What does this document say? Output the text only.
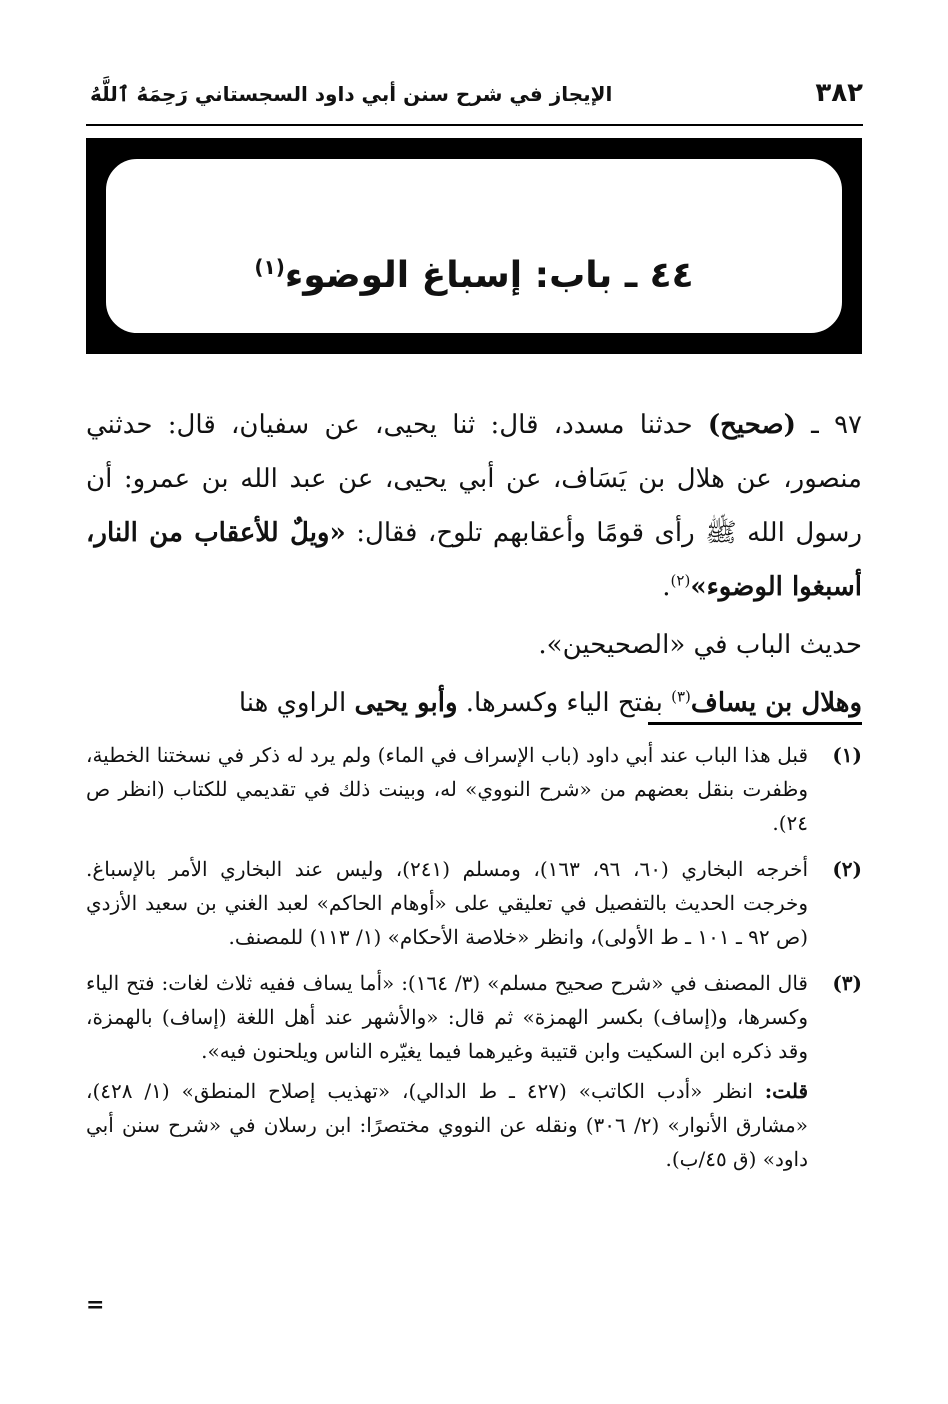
٣٨٢
الإيجاز في شرح سنن أبي داود السجستاني رَحِمَهُ ٱللَّهُ
٤٤ ـ باب: إسباغ الوضوء$^{(١)}$

٩٧ ـ (صحيح) حدثنا مسدد، قال: ثنا يحيى، عن سفيان، قال: حدثني منصور، عن هلال بن يَسَاف، عن أبي يحيى، عن عبد الله بن عمرو: أن رسول الله ﷺ رأى قومًا وأعقابهم تلوح، فقال: «ويلٌ للأعقاب من النار، أسبغوا الوضوء»$^{(٢)}$.

حديث الباب في «الصحيحين».

وهلال بن يساف$^{(٣)}$ بفتح الياء وكسرها. وأبو يحيى الراوي هنا

(١)

قبل هذا الباب عند أبي داود (باب الإسراف في الماء) ولم يرد له ذكر في نسختنا الخطية، وظفرت بنقل بعضهم من «شرح النووي» له، وبينت ذلك في تقديمي للكتاب (انظر ص ٢٤).

(٢)

أخرجه البخاري (٦٠، ٩٦، ١٦٣)، ومسلم (٢٤١)، وليس عند البخاري الأمر بالإسباغ. وخرجت الحديث بالتفصيل في تعليقي على «أوهام الحاكم» لعبد الغني بن سعيد الأزدي (ص ٩٢ ـ ١٠١ ـ ط الأولى)، وانظر «خلاصة الأحكام» (١/ ١١٣) للمصنف.

(٣)

قال المصنف في «شرح صحيح مسلم» (٣/ ١٦٤): «أما يساف ففيه ثلاث لغات: فتح الياء وكسرها، و(إساف) بكسر الهمزة» ثم قال: «والأشهر عند أهل اللغة (إساف) بالهمزة، وقد ذكره ابن السكيت وابن قتيبة وغيرهما فيما يغيّره الناس ويلحنون فيه».

قلت: انظر «أدب الكاتب» (٤٢٧ ـ ط الدالي)، «تهذيب إصلاح المنطق» (١/ ٤٢٨)، «مشارق الأنوار» (٢/ ٣٠٦) ونقله عن النووي مختصرًا: ابن رسلان في «شرح سنن أبي داود» (ق ٤٥/ب).

=
